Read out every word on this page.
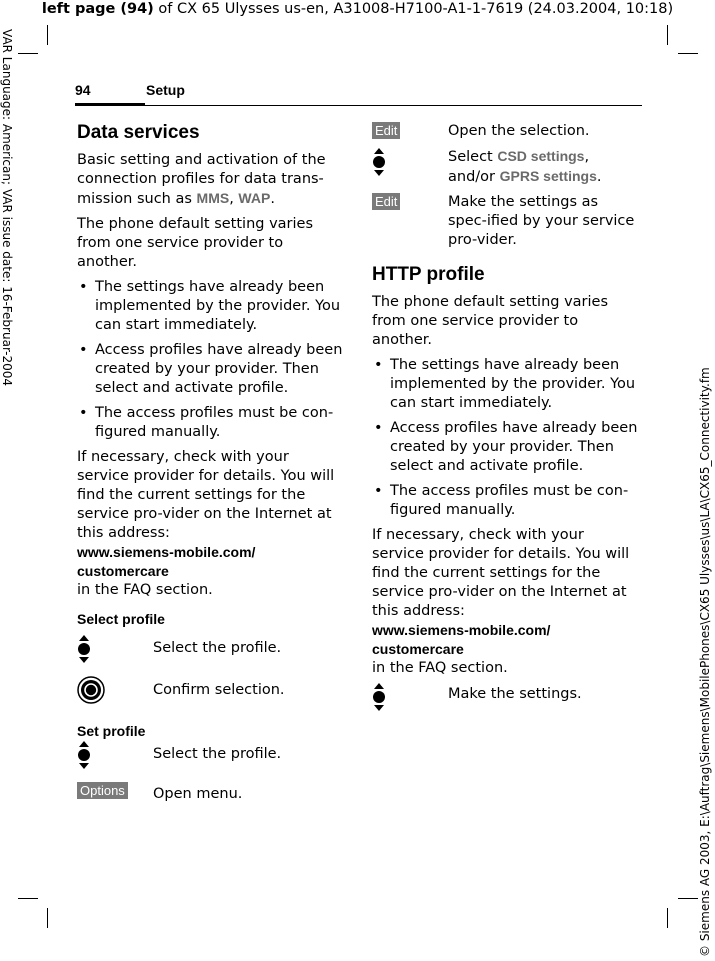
left page (94) of CX 65 Ulysses us-en, A31008-H7100-A1-1-7619 (24.03.2004, 10:18)
VAR Language: American; VAR issue date: 16-Februar-2004
© Siemens AG 2003, E:\Auftrag\Siemens\MobilePhones\CX65 Ulysses\us\LA\CX65_Connectivity.fm
94	Setup
Data services

Basic setting and activation of the connection profiles for data trans-mission such as MMS, WAP.

The phone default setting varies from one service provider to another.

• The settings have already been implemented by the provider. You can start immediately.
• Access profiles have already been created by your provider. Then select and activate profile.
• The access profiles must be con-figured manually.

If necessary, check with your service provider for details. You will find the current settings for the service pro-vider on the Internet at this address:

www.siemens-mobile.com/
customercare

in the FAQ section.

Select profile
Select the profile.
Confirm selection.
Set profile
Select the profile.
Options	Open menu.
Edit	Open the selection.
Select CSD settings, and/or GPRS settings.
Edit	Make the settings as spec-ified by your service pro-vider.
HTTP profile

The phone default setting varies from one service provider to another.

• The settings have already been implemented by the provider. You can start immediately.
• Access profiles have already been created by your provider. Then select and activate profile.
• The access profiles must be con-figured manually.

If necessary, check with your service provider for details. You will find the current settings for the service pro-vider on the Internet at this address:

www.siemens-mobile.com/
customercare

in the FAQ section.

Make the settings.
